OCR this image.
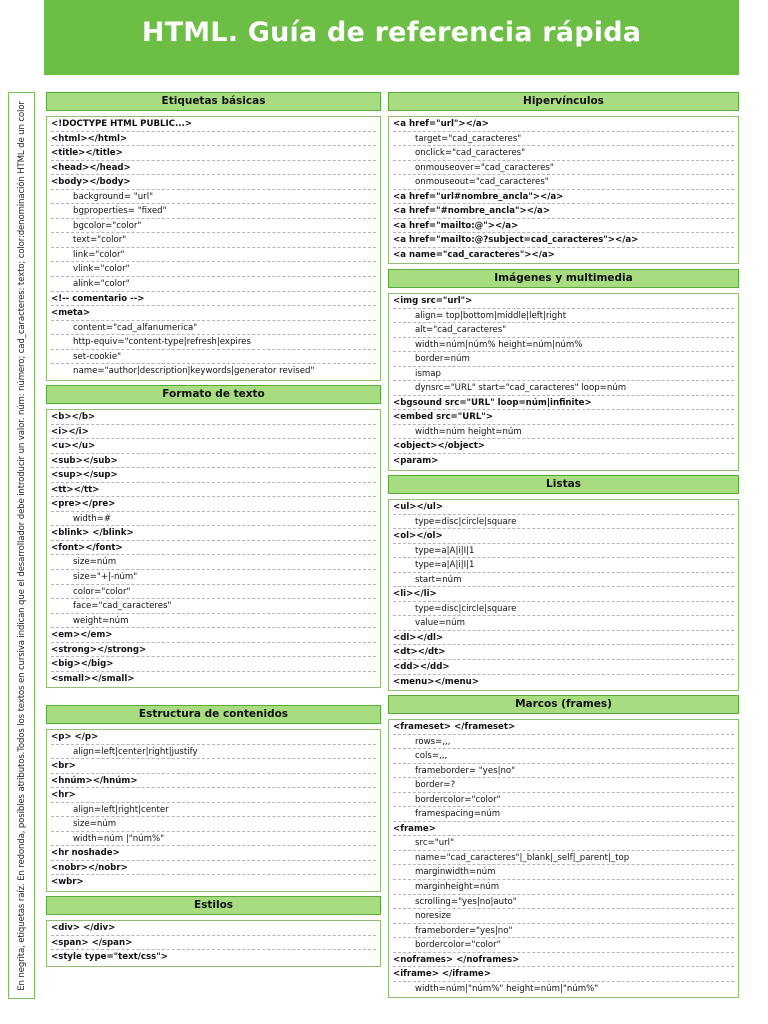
HTML. Guía de referencia rápida
En negrita, etiquetas raíz. En redonda, posibles atributos.Todos los textos en cursiva indican que el desarrollador debe introducir un valor. núm: número; cad_caracteres: texto; color:denominación HTML de un color	Etiquetas básicas
<!DOCTYPE HTML PUBLIC...>
<html></html>
<title></title>
<head></head>
<body></body>
background= "url"
bgproperties= "fixed"
bgcolor="color"
text="color"
link="color"
vlink="color"
alink="color"
<!-- comentario -->
<meta>
content="cad_alfanumerica"
http-equiv="content-type|refresh|expires
set-cookie"
name="author|description|keywords|generator revised"
Formato de texto
<b></b>
<i></i>
<u></u>
<sub></sub>
<sup></sup>
<tt></tt>
<pre></pre>
width=#
<blink> </blink>
<font></font>
size=núm
size="+|-núm"
color="color"
face="cad_caracteres"
weight=núm
<em></em>
<strong></strong>
<big></big>
<small></small>
Estructura de contenidos
<p> </p>
align=left|center|right|justify
<br>
<hnúm></hnúm>
<hr>
align=left|right|center
size=núm
width=núm |"núm%"
<hr noshade>
<nobr></nobr>
<wbr>
Estilos
<div> </div>
<span> </span>
<style type="text/css">
Hipervínculos
<a href="url"></a>
target="cad_caracteres"
onclick="cad_caracteres"
onmouseover="cad_caracteres"
onmouseout="cad_caracteres"
<a href="url#nombre_ancla"></a>
<a href="#nombre_ancla"></a>
<a href="mailto:@"></a>
<a href="mailto:@?subject=cad_caracteres"></a>
<a name="cad_caracteres"></a>
Imágenes y multimedia
<img src="url">
align= top|bottom|middle|left|right
alt="cad_caracteres"
width=núm|núm% height=núm|núm%
border=núm
ismap
dynsrc="URL" start="cad_caracteres" loop=núm
<bgsound src="URL" loop=núm|infinite>
<embed src="URL">
width=núm height=núm
<object></object>
<param>
Listas
<ul></ul>
type=disc|circle|square
<ol></ol>
type=a|A|i|I|1
type=a|A|i|I|1
start=núm
<li></li>
type=disc|circle|square
value=núm
<dl></dl>
<dt></dt>
<dd></dd>
<menu></menu>
Marcos (frames)
<frameset> </frameset>
rows=,,,
cols=,,,
frameborder= "yes|no"
border=?
bordercolor="color"
framespacing=núm
<frame>
src="url"
name="cad_caracteres"|_blank|_self|_parent|_top
marginwidth=núm
marginheight=núm
scrolling="yes|no|auto"
noresize
frameborder="yes|no"
bordercolor="color"
<noframes> </noframes>
<iframe> </iframe>
width=núm|"núm%" height=núm|"núm%"
